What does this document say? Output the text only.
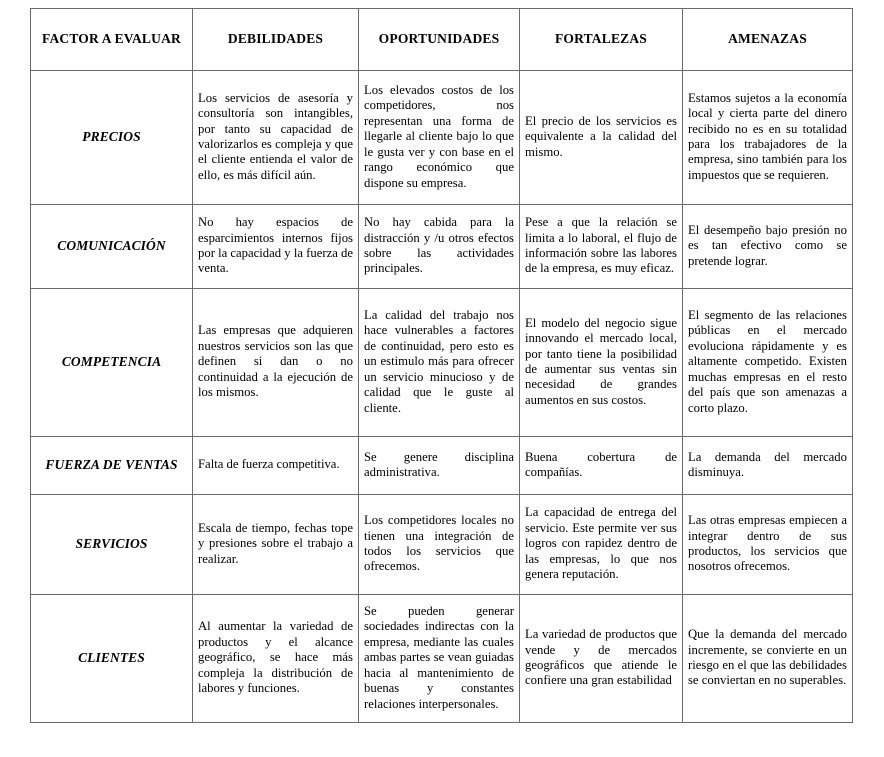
FACTOR A EVALUAR	DEBILIDADES	OPORTUNIDADES	FORTALEZAS	AMENAZAS
PRECIOS	Los servicios de asesoría y consultoría son intangibles, por tanto su capacidad de valorizarlos es compleja y que el cliente entienda el valor de ello, es más difícil aún.	Los elevados costos de los competidores, nos representan una forma de llegarle al cliente bajo lo que le gusta ver y con base en el rango económico que dispone su empresa.	El precio de los servicios es equivalente a la calidad del mismo.	Estamos sujetos a la economía local y cierta parte del dinero recibido no es en su totalidad para los trabajadores de la empresa, sino también para los impuestos que se requieren.
COMUNICACIÓN	No hay espacios de esparcimientos internos fijos por la capacidad y la fuerza de venta.	No hay cabida para la distracción y /u otros efectos sobre las actividades principales.	Pese a que la relación se limita a lo laboral, el flujo de información sobre las labores de la empresa, es muy eficaz.	El desempeño bajo presión no es tan efectivo como se pretende lograr.
COMPETENCIA	Las empresas que adquieren nuestros servicios son las que definen si dan o no continuidad a la ejecución de los mismos.	La calidad del trabajo nos hace vulnerables a factores de continuidad, pero esto es un estimulo más para ofrecer un servicio minucioso y de calidad que le guste al cliente.	El modelo del negocio sigue innovando el mercado local, por tanto tiene la posibilidad de aumentar sus ventas sin necesidad de grandes aumentos en sus costos.	El segmento de las relaciones públicas en el mercado evoluciona rápidamente y es altamente competido. Existen muchas empresas en el resto del país que son amenazas a corto plazo.
FUERZA DE VENTAS	Falta de fuerza competitiva.	Se genere disciplina administrativa.	Buena cobertura de compañías.	La demanda del mercado disminuya.
SERVICIOS	Escala de tiempo, fechas tope y presiones sobre el trabajo a realizar.	Los competidores locales no tienen una integración de todos los servicios que ofrecemos.	La capacidad de entrega del servicio. Este permite ver sus logros con rapidez dentro de las empresas, lo que nos genera reputación.	Las otras empresas empiecen a integrar dentro de sus productos, los servicios que nosotros ofrecemos.
CLIENTES	Al aumentar la variedad de productos y el alcance geográfico, se hace más compleja la distribución de labores y funciones.	Se pueden generar sociedades indirectas con la empresa, mediante las cuales ambas partes se vean guiadas hacia al mantenimiento de buenas y constantes relaciones interpersonales.	La variedad de productos que vende y de mercados geográficos que atiende le confiere una gran estabilidad	Que la demanda del mercado incremente, se convierte en un riesgo en el que las debilidades se conviertan en no superables.
